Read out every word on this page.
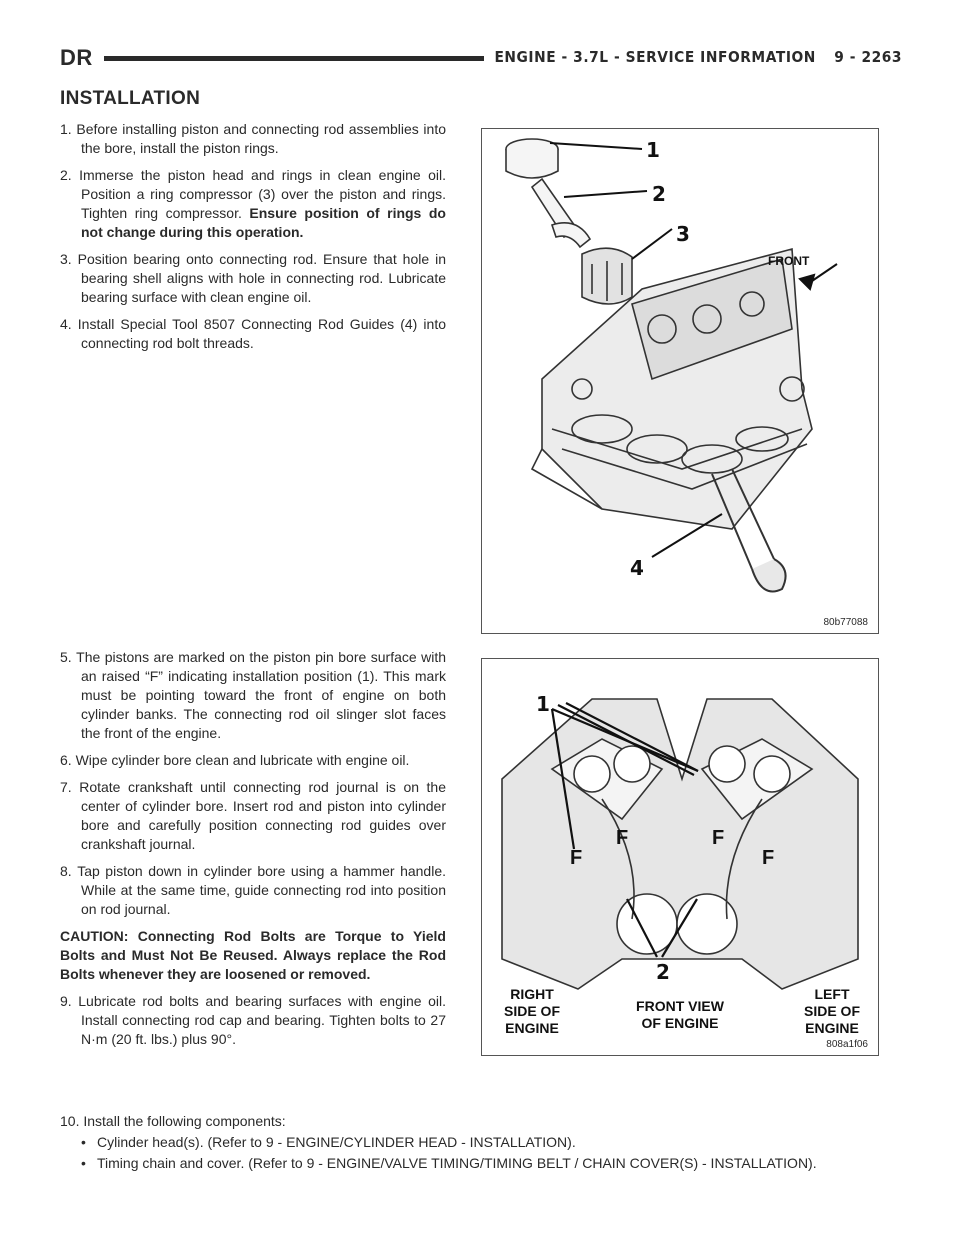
DR	ENGINE - 3.7L - SERVICE INFORMATION 9 - 2263
INSTALLATION
1. Before installing piston and connecting rod assemblies into the bore, install the piston rings.
2. Immerse the piston head and rings in clean engine oil. Position a ring compressor (3) over the piston and rings. Tighten ring compressor. Ensure position of rings do not change during this operation.
3. Position bearing onto connecting rod. Ensure that hole in bearing shell aligns with hole in connecting rod. Lubricate bearing surface with clean engine oil.
4. Install Special Tool 8507 Connecting Rod Guides (4) into connecting rod bolt threads.
1
2
3
4
FRONT
80b77088
5. The pistons are marked on the piston pin bore surface with an raised “F” indicating installation position (1). This mark must be pointing toward the front of engine on both cylinder banks. The connecting rod oil slinger slot faces the front of the engine.
6. Wipe cylinder bore clean and lubricate with engine oil.
7. Rotate crankshaft until connecting rod journal is on the center of cylinder bore. Insert rod and piston into cylinder bore and carefully position connecting rod guides over crankshaft journal.
8. Tap piston down in cylinder bore using a hammer handle. While at the same time, guide connecting rod into position on rod journal.
CAUTION: Connecting Rod Bolts are Torque to Yield Bolts and Must Not Be Reused. Always replace the Rod Bolts whenever they are loosened or removed.
9. Lubricate rod bolts and bearing surfaces with engine oil. Install connecting rod cap and bearing. Tighten bolts to 27 N·m (20 ft. lbs.) plus 90°.
F
F	F
F
1
2
RIGHT
SIDE OF
ENGINE
FRONT VIEW
OF ENGINE
LEFT
SIDE OF
ENGINE
808a1f06
10. Install the following components:
• Cylinder head(s). (Refer to 9 - ENGINE/CYLINDER HEAD - INSTALLATION).
• Timing chain and cover. (Refer to 9 - ENGINE/VALVE TIMING/TIMING BELT / CHAIN COVER(S) - INSTALLATION).
